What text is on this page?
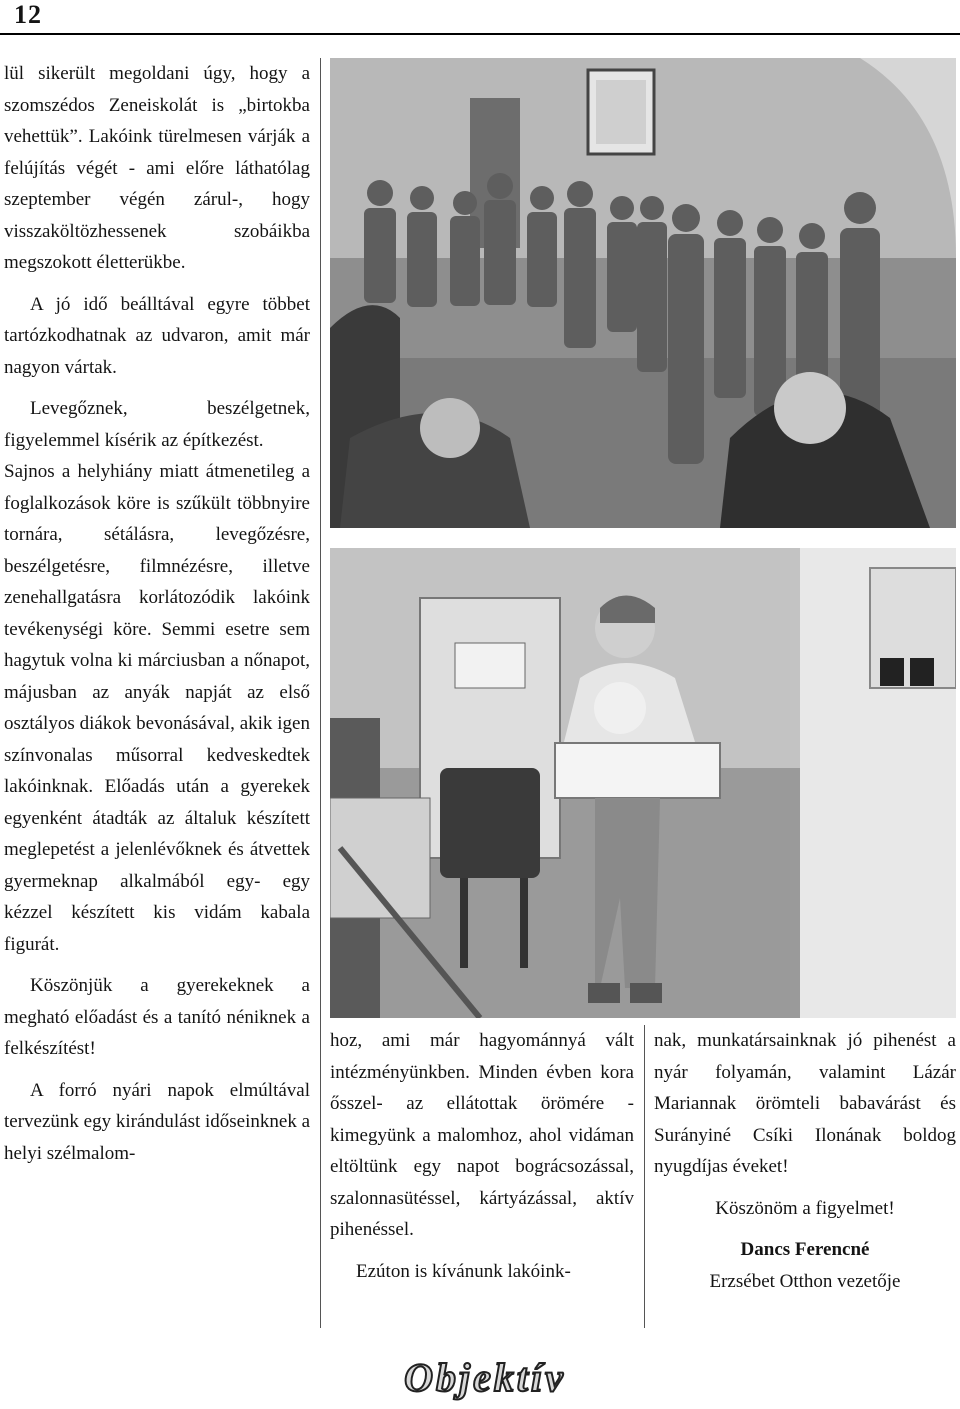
12

lül sikerült megoldani úgy, hogy a szomszédos Zeneiskolát is „birtokba vehettük”. Lakóink türelmesen várják a felújítás végét - ami előre láthatólag szeptember végén zárul-, hogy visszaköltözhessenek szobáikba megszokott életterükbe.

A jó idő beálltával egyre többet tartózkodhatnak az udvaron, amit már nagyon vártak.

Levegőznek, beszélgetnek, figyelemmel kísérik az építkezést.

Sajnos a helyhiány miatt átmenetileg a foglalkozások köre is szűkült többnyire tornára, sétálásra, levegőzésre, beszélgetésre, filmnézésre, illetve zenehallgatásra korlátozódik lakóink tevékenységi köre. Semmi esetre sem hagytuk volna ki márciusban a nőnapot, májusban az anyák napját az első osztályos diákok bevonásával, akik igen színvonalas műsorral kedveskedtek lakóinknak. Előadás után a gyerekek egyenként átadták az általuk készített meglepetést a jelenlévőknek és átvettek gyermeknap alkalmából egy- egy kézzel készített kis vidám kabala figurát.

Köszönjük a gyerekeknek a megható előadást és a tanító néniknek a felkészítést!

A forró nyári napok elmúltával tervezünk egy kirándulást időseinknek a helyi szélmalom-

hoz, ami már hagyománnyá vált intézményünkben. Minden évben kora ősszel- az ellátottak örömére - kimegyünk a malomhoz, ahol vidáman eltöltünk egy napot bográcsozással, szalonnasütéssel, kártyázással, aktív pihenéssel.

Ezúton is kívánunk lakóink-

nak, munkatársainknak jó pihenést a nyár folyamán, valamint Lázár Mariannak örömteli babavárást és Surányiné Csíki Ilonának boldog nyugdíjas éveket!

Köszönöm a figyelmet!

Dancs Ferencné

Erzsébet Otthon vezetője

Objektív
